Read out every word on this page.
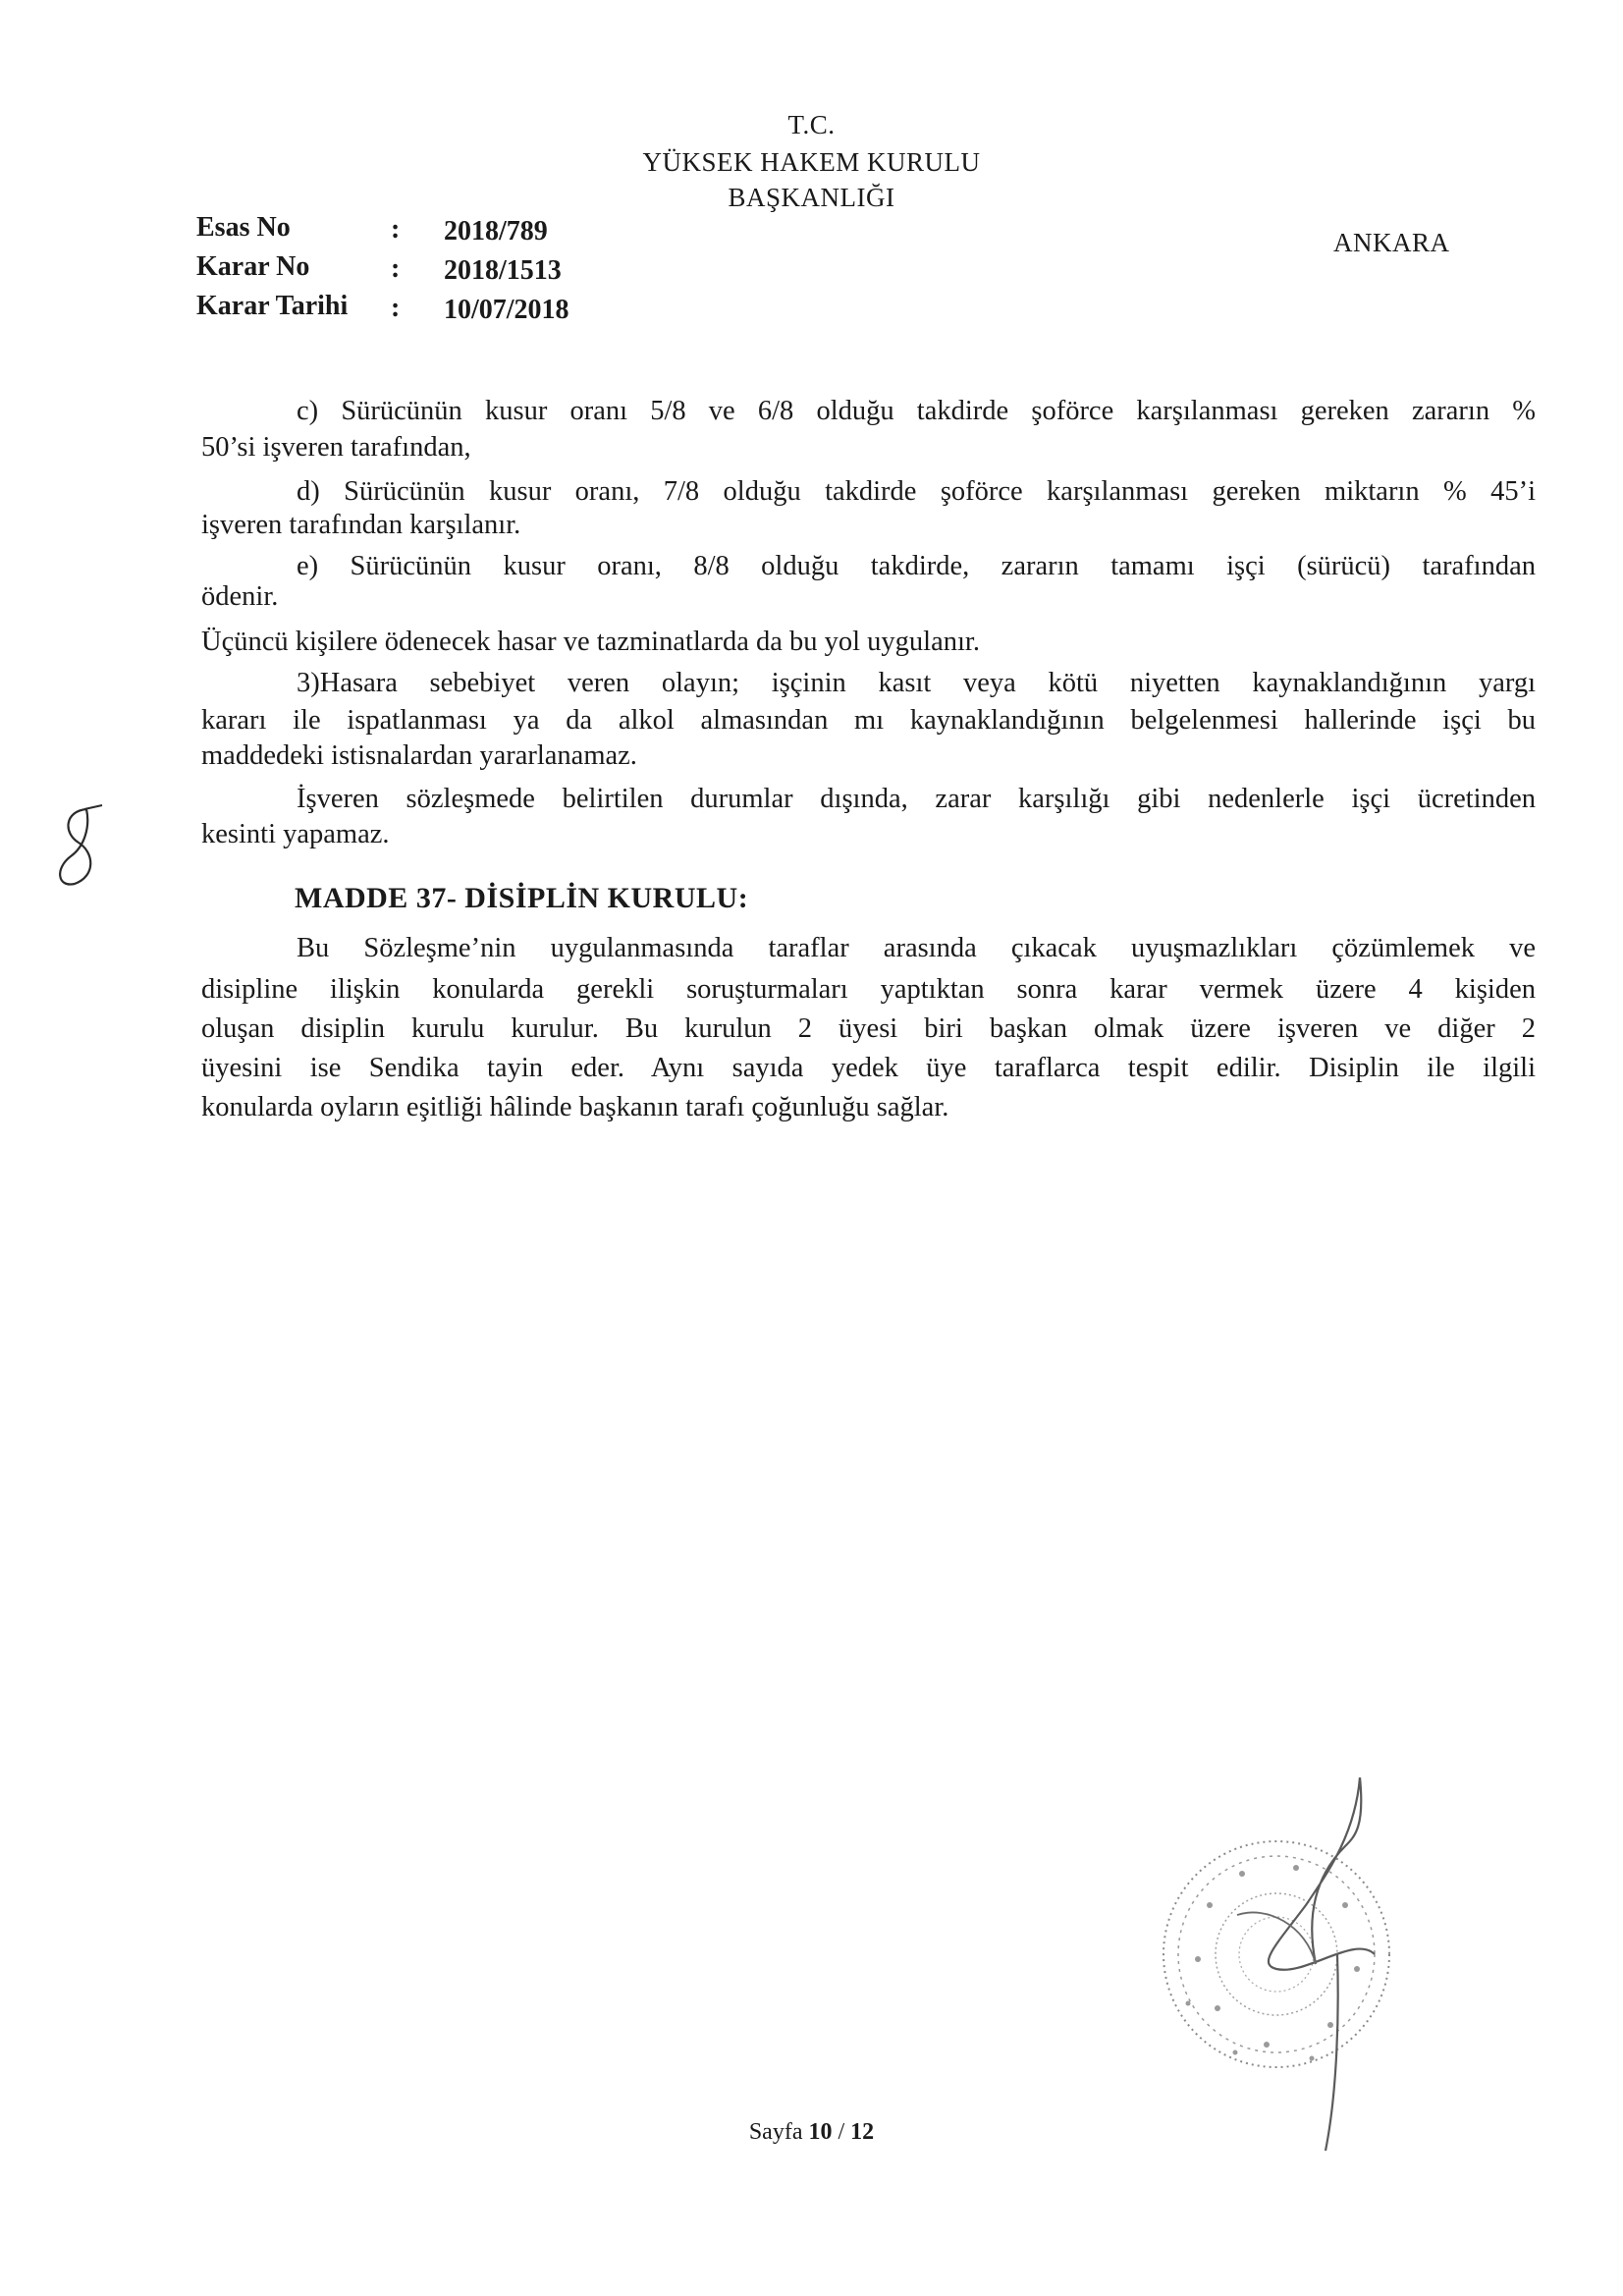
T.C.
YÜKSEK HAKEM KURULU
BAŞKANLIĞI
ANKARA
Esas No	: 2018/789
Karar No	: 2018/1513
Karar Tarihi : 10/07/2018
c) Sürücünün kusur oranı 5/8 ve 6/8 olduğu takdirde şoförce karşılanması gereken zararın %
50’si işveren tarafından,
d) Sürücünün kusur oranı, 7/8 olduğu takdirde şoförce karşılanması gereken miktarın % 45’i
işveren tarafından karşılanır.
e) Sürücünün kusur oranı, 8/8 olduğu takdirde, zararın tamamı işçi (sürücü) tarafından
ödenir.
Üçüncü kişilere ödenecek hasar ve tazminatlarda da bu yol uygulanır.
3)Hasara sebebiyet veren olayın; işçinin kasıt veya kötü niyetten kaynaklandığının yargı
kararı ile ispatlanması ya da alkol almasından mı kaynaklandığının belgelenmesi hallerinde işçi bu
maddedeki istisnalardan yararlanamaz.
İşveren sözleşmede belirtilen durumlar dışında, zarar karşılığı gibi nedenlerle işçi ücretinden
kesinti yapamaz.
MADDE 37- DİSİPLİN KURULU:
Bu Sözleşme’nin uygulanmasında taraflar arasında çıkacak uyuşmazlıkları çözümlemek ve
disipline ilişkin konularda gerekli soruşturmaları yaptıktan sonra karar vermek üzere 4 kişiden
oluşan disiplin kurulu kurulur. Bu kurulun 2 üyesi biri başkan olmak üzere işveren ve diğer 2
üyesini ise Sendika tayin eder. Aynı sayıda yedek üye taraflarca tespit edilir. Disiplin ile ilgili
konularda oyların eşitliği hâlinde başkanın tarafı çoğunluğu sağlar.
Sayfa 10 / 12
